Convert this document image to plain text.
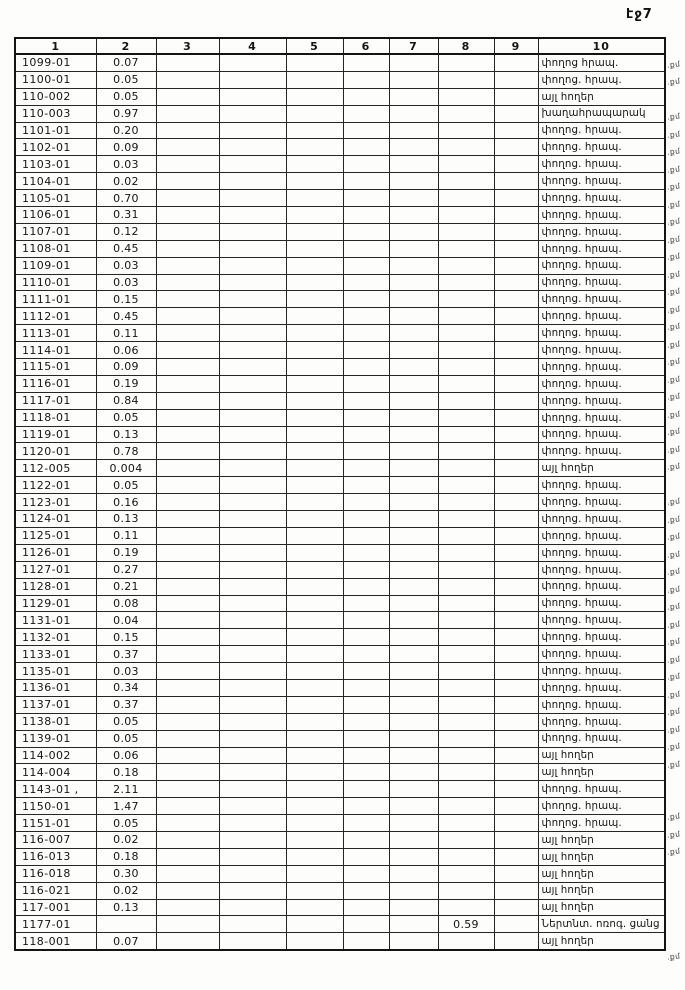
էջ7
1	2	3	4	5	6	7	8	9	10
1099-01	0.07								փողոց հրապ.
1100-01	0.05								փողոց. հրապ.
110-002	0.05								այլ հողեր
110-003	0.97								խաղահրապարակ
1101-01	0.20								փողոց. հրապ.
1102-01	0.09								փողոց. հրապ.
1103-01	0.03								փողոց. հրապ.
1104-01	0.02								փողոց. հրապ.
1105-01	0.70								փողոց. հրապ.
1106-01	0.31								փողոց. հրապ.
1107-01	0.12								փողոց. հրապ.
1108-01	0.45								փողոց. հրապ.
1109-01	0.03								փողոց. հրապ.
1110-01	0.03								փողոց. հրապ.
1111-01	0.15								փողոց. հրապ.
1112-01	0.45								փողոց. հրապ.
1113-01	0.11								փողոց. հրապ.
1114-01	0.06								փողոց. հրապ.
1115-01	0.09								փողոց. հրապ.
1116-01	0.19								փողոց. հրապ.
1117-01	0.84								փողոց. հրապ.
1118-01	0.05								փողոց. հրապ.
1119-01	0.13								փողոց. հրապ.
1120-01	0.78								փողոց. հրապ.
112-005	0.004								այլ հողեր
1122-01	0.05								փողոց. հրապ.
1123-01	0.16								փողոց. հրապ.
1124-01	0.13								փողոց. հրապ.
1125-01	0.11								փողոց. հրապ.
1126-01	0.19								փողոց. հրապ.
1127-01	0.27								փողոց. հրապ.
1128-01	0.21								փողոց. հրապ.
1129-01	0.08								փողոց. հրապ.
1131-01	0.04								փողոց. հրապ.
1132-01	0.15								փողոց. հրապ.
1133-01	0.37								փողոց. հրապ.
1135-01	0.03								փողոց. հրապ.
1136-01	0.34								փողոց. հրապ.
1137-01	0.37								փողոց. հրապ.
1138-01	0.05								փողոց. հրապ.
1139-01	0.05								փողոց. հրապ.
114-002	0.06								այլ հողեր
114-004	0.18								այլ հողեր
1143-01 ,	2.11								փողոց. հրապ.
1150-01	1.47								փողոց. հրապ.
1151-01	0.05								փողոց. հրապ.
116-007	0.02								այլ հողեր
116-013	0.18								այլ հողեր
116-018	0.30								այլ հողեր
116-021	0.02								այլ հողեր
117-001	0.13								այլ հողեր
1177-01							0.59		Ներտնտ. ոռոգ. ցանց
118-001	0.07								այլ հողեր
.քմ
.քմ
.քմ
.քմ
.քմ
.քմ
.քմ
.քմ
.քմ
.քմ
.քմ
.քմ
.քմ
.քմ
.քմ
.քմ
.քմ
.քմ
.քմ
.քմ
.քմ
.քմ
.քմ
.քմ
.քմ
.քմ
.քմ
.քմ
.քմ
.քմ
.քմ
.քմ
.քմ
.քմ
.քմ
.քմ
.քմ
.քմ
.քմ
.քմ
.քմ
.քմ
.քմ
